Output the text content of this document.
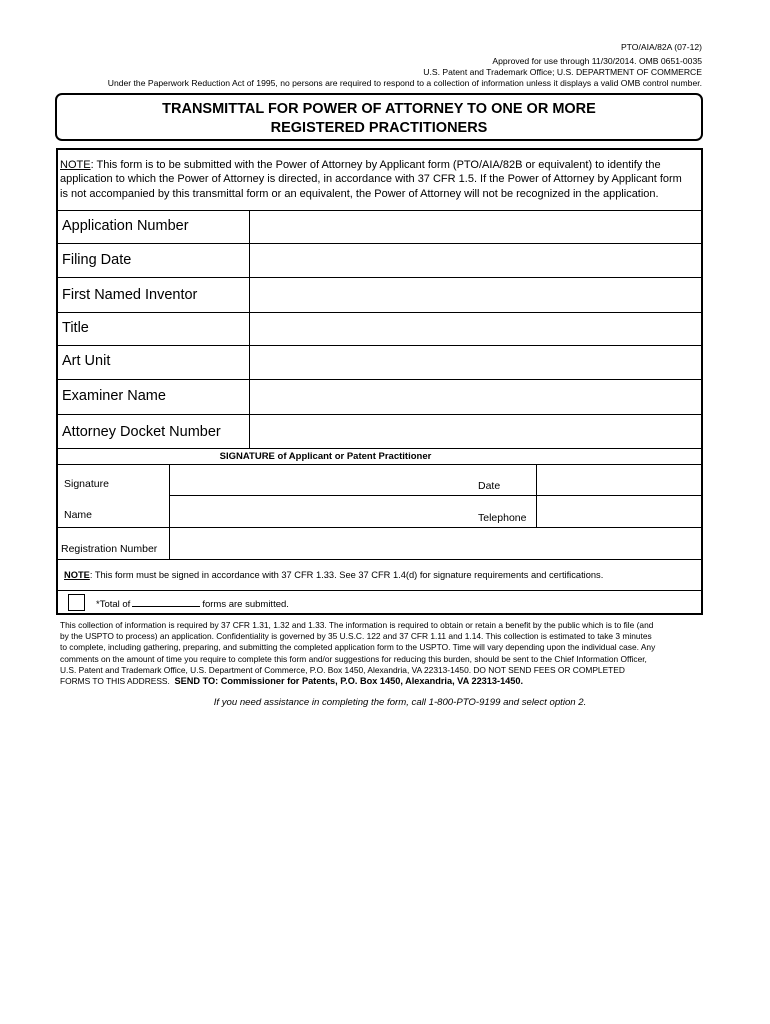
PTO/AIA/82A (07-12)
Approved for use through 11/30/2014. OMB 0651-0035
U.S. Patent and Trademark Office; U.S. DEPARTMENT OF COMMERCE
Under the Paperwork Reduction Act of 1995, no persons are required to respond to a collection of information unless it displays a valid OMB control number.
TRANSMITTAL FOR POWER OF ATTORNEY TO ONE OR MORE
REGISTERED PRACTITIONERS
NOTE: This form is to be submitted with the Power of Attorney by Applicant form (PTO/AIA/82B or equivalent) to identify the
application to which the Power of Attorney is directed, in accordance with 37 CFR 1.5. If the Power of Attorney by Applicant form
is not accompanied by this transmittal form or an equivalent, the Power of Attorney will not be recognized in the application.
Application Number
Filing Date
First Named Inventor
Title
Art Unit
Examiner Name
Attorney Docket Number
SIGNATURE of Applicant or Patent Practitioner
Signature	Date
Name	Telephone
Registration Number
NOTE: This form must be signed in accordance with 37 CFR 1.33. See 37 CFR 1.4(d) for signature requirements and certifications.
*Total of	forms are submitted.
This collection of information is required by 37 CFR 1.31, 1.32 and 1.33. The information is required to obtain or retain a benefit by the public which is to file (and
by the USPTO to process) an application. Confidentiality is governed by 35 U.S.C. 122 and 37 CFR 1.11 and 1.14. This collection is estimated to take 3 minutes
to complete, including gathering, preparing, and submitting the completed application form to the USPTO. Time will vary depending upon the individual case. Any
comments on the amount of time you require to complete this form and/or suggestions for reducing this burden, should be sent to the Chief Information Officer,
U.S. Patent and Trademark Office, U.S. Department of Commerce, P.O. Box 1450, Alexandria, VA 22313-1450. DO NOT SEND FEES OR COMPLETED
FORMS TO THIS ADDRESS. SEND TO: Commissioner for Patents, P.O. Box 1450, Alexandria, VA 22313-1450.
If you need assistance in completing the form, call 1-800-PTO-9199 and select option 2.
